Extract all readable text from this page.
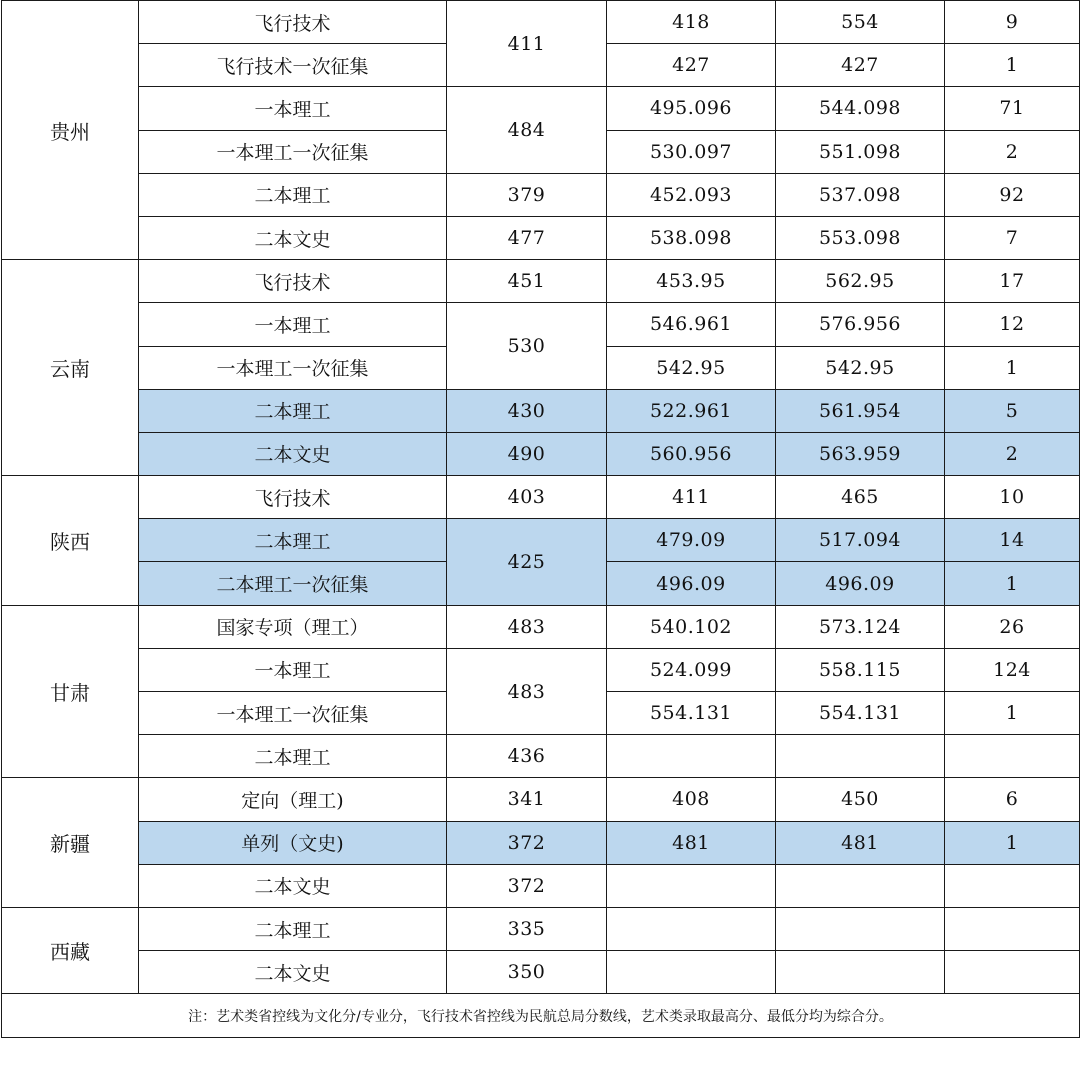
贵州	飞行技术	411	418	554	9
	飞行技术一次征集		427	427	1
	一本理工	484	495.096	544.098	71
	一本理工一次征集		530.097	551.098	2
	二本理工	379	452.093	537.098	92
	二本文史	477	538.098	553.098	7
云南	飞行技术	451	453.95	562.95	17
	一本理工	530	546.961	576.956	12
	一本理工一次征集		542.95	542.95	1
	二本理工	430	522.961	561.954	5
	二本文史	490	560.956	563.959	2
陕西	飞行技术	403	411	465	10
	二本理工	425	479.09	517.094	14
	二本理工一次征集		496.09	496.09	1
甘肃	国家专项（理工）	483	540.102	573.124	26
	一本理工	483	524.099	558.115	124
	一本理工一次征集		554.131	554.131	1
	二本理工	436			
新疆	定向（理工)	341	408	450	6
	单列（文史)	372	481	481	1
	二本文史	372			
西藏	二本理工	335			
	二本文史	350			
注：艺术类省控线为文化分/专业分，飞行技术省控线为民航总局分数线，艺术类录取最高分、最低分均为综合分。					
